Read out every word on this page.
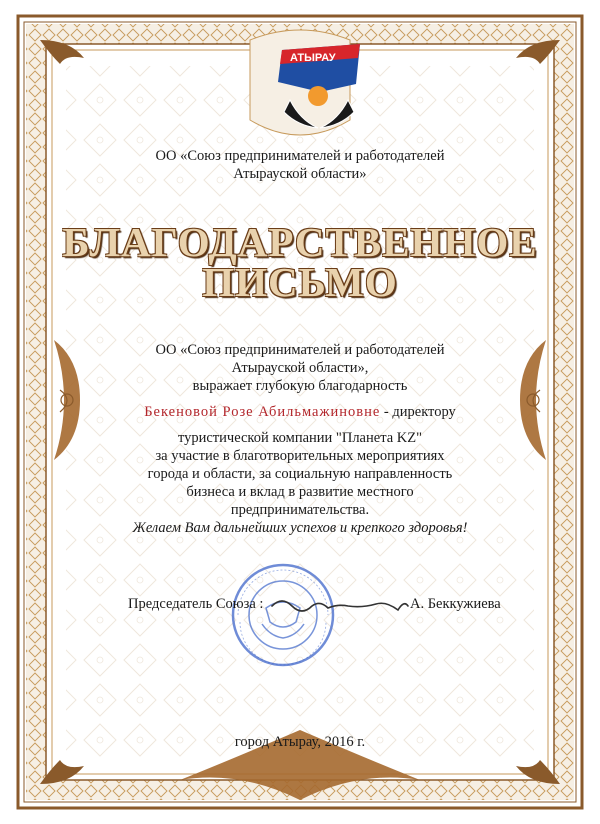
АТЫРАУ
ОО «Союз предпринимателей и работодателей
Атырауской области»
БЛАГОДАРСТВЕННОЕ
ПИСЬМО
ОО «Союз предпринимателей и работодателей
Атырауской области»,
выражает глубокую благодарность
Бекеновой Розе Абильмажиновне - директору
туристической компании "Планета KZ"
за участие в благотворительных мероприятиях
города и области, за социальную направленность
бизнеса и вклад в развитие местного
предпринимательства.
Желаем Вам дальнейших успехов и крепкого здоровья!
Председатель Союза :	А. Беккужиева
город Атырау, 2016 г.
